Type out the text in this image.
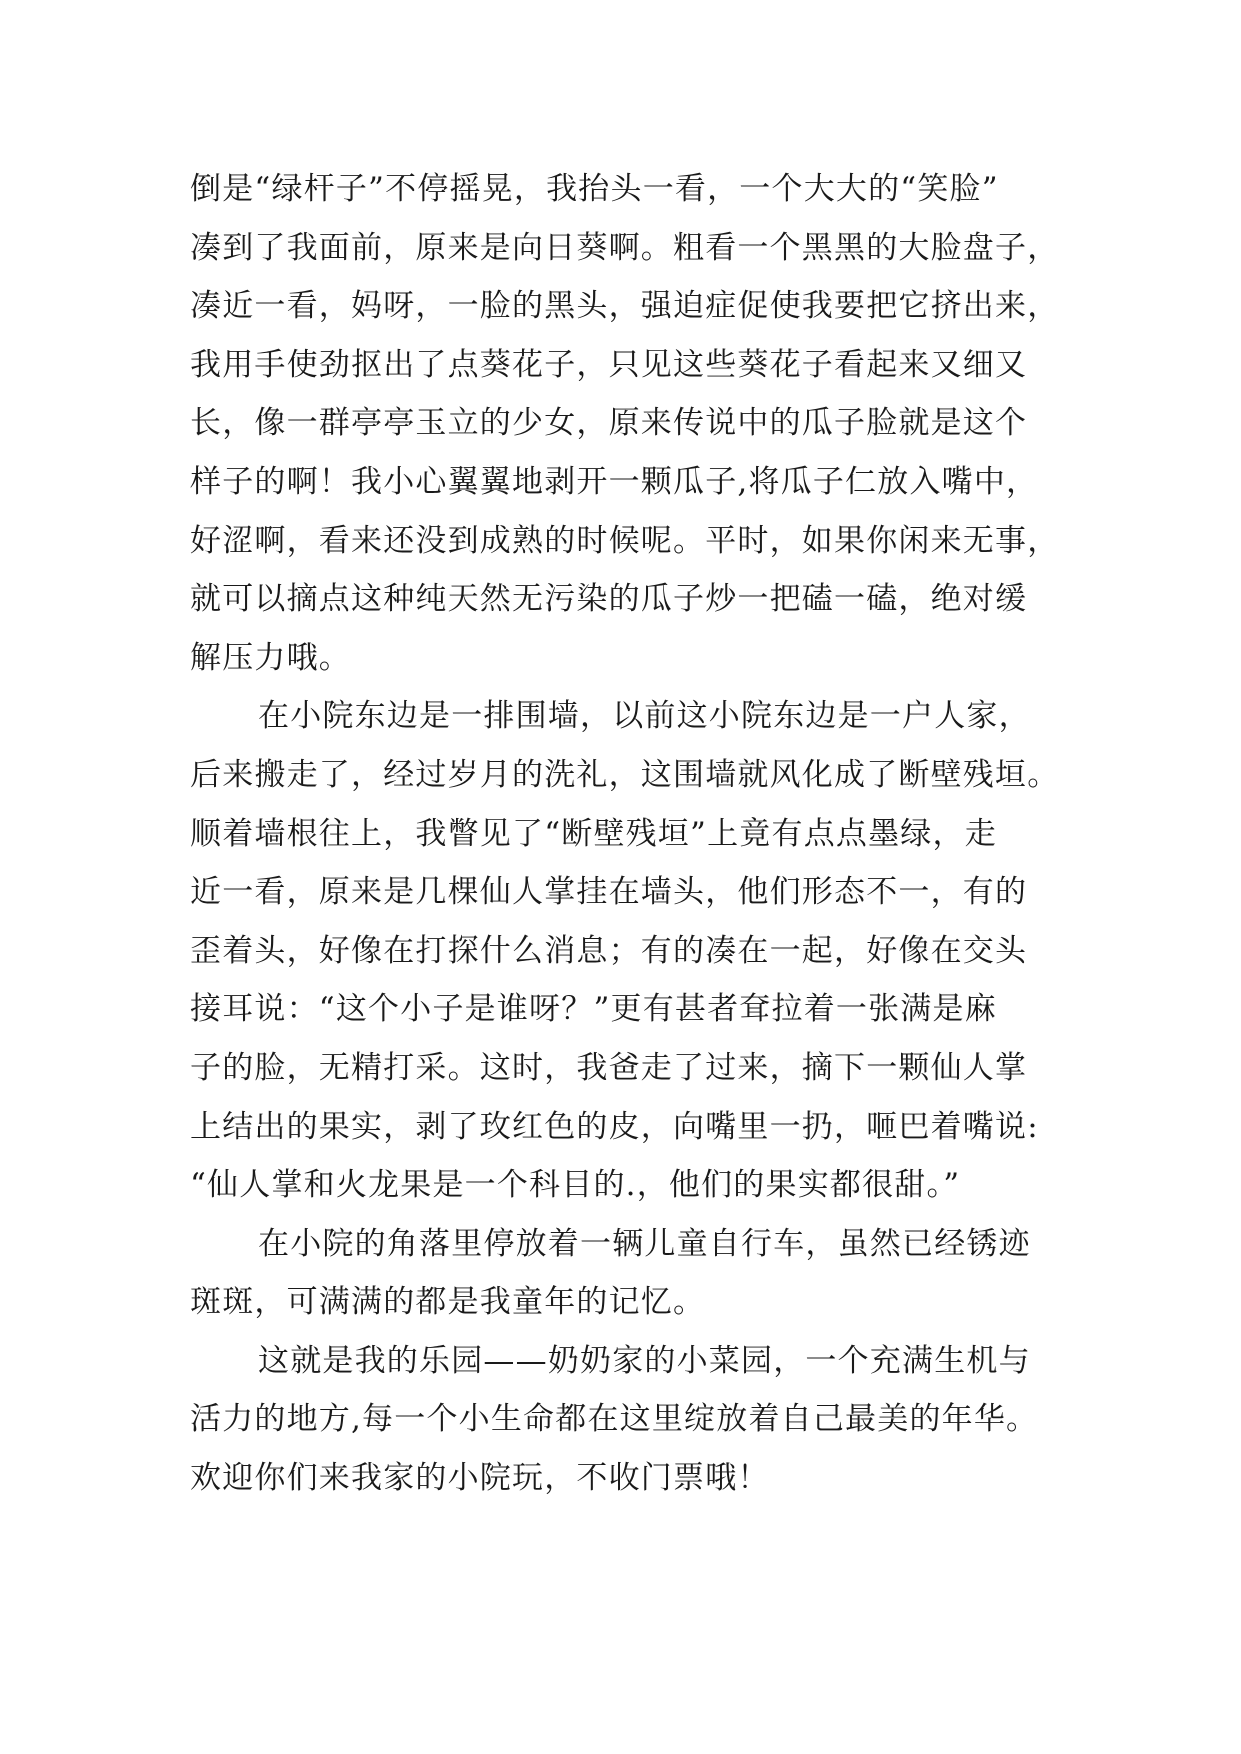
倒是“绿杆子”不停摇晃，我抬头一看，一个大大的“笑脸”
凑到了我面前，原来是向日葵啊。粗看一个黑黑的大脸盘子，
凑近一看，妈呀，一脸的黑头，强迫症促使我要把它挤出来，
我用手使劲抠出了点葵花子，只见这些葵花子看起来又细又
长，像一群亭亭玉立的少女，原来传说中的瓜子脸就是这个
样子的啊！我小心翼翼地剥开一颗瓜子,将瓜子仁放入嘴中，
好涩啊，看来还没到成熟的时候呢。平时，如果你闲来无事，
就可以摘点这种纯天然无污染的瓜子炒一把磕一磕，绝对缓
解压力哦。
在小院东边是一排围墙，以前这小院东边是一户人家，
后来搬走了，经过岁月的洗礼，这围墙就风化成了断壁残垣。
顺着墙根往上，我瞥见了“断壁残垣”上竟有点点墨绿，走
近一看，原来是几棵仙人掌挂在墙头，他们形态不一，有的
歪着头，好像在打探什么消息；有的凑在一起，好像在交头
接耳说：“这个小子是谁呀？”更有甚者耷拉着一张满是麻
子的脸，无精打采。这时，我爸走了过来，摘下一颗仙人掌
上结出的果实，剥了玫红色的皮，向嘴里一扔，咂巴着嘴说:
“仙人掌和火龙果是一个科目的.，他们的果实都很甜。”
在小院的角落里停放着一辆儿童自行车，虽然已经锈迹
斑斑，可满满的都是我童年的记忆。
这就是我的乐园——奶奶家的小菜园，一个充满生机与
活力的地方,每一个小生命都在这里绽放着自己最美的年华。
欢迎你们来我家的小院玩，不收门票哦！
